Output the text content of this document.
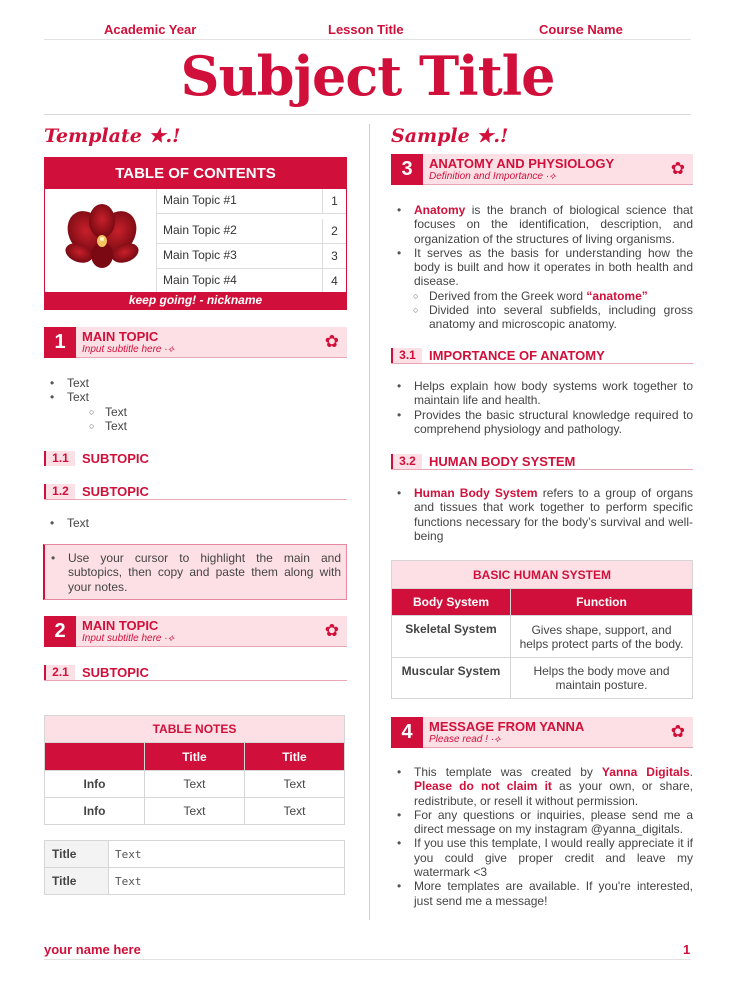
Academic Year	Lesson Title	Course Name
Subject Title
Template ★.!
TABLE OF CONTENTS
Main Topic #1	1
Main Topic #2	2
Main Topic #3	3
Main Topic #4	4
keep going! - nickname
1	MAIN TOPIC
Input subtitle here ·⟡	✿
• Text
• Text
○ Text
○ Text
1.1	SUBTOPIC
1.2	SUBTOPIC
• Text
• Use your cursor to highlight the main and subtopics, then copy and paste them along with your notes.
2	MAIN TOPIC
Input subtitle here ·⟡	✿
2.1	SUBTOPIC
TABLE NOTES		
	Title	Title
Info	Text	Text
Info	Text	Text
Title	Text
Title	Text
Sample ★.!
3	ANATOMY AND PHYSIOLOGY
Definition and Importance ·⟡	✿
• Anatomy is the branch of biological science that focuses on the identification, description, and organization of the structures of living organisms.
• It serves as the basis for understanding how the body is built and how it operates in both health and disease.
○ Derived from the Greek word “anatome”
○ Divided into several subfields, including gross anatomy and microscopic anatomy.
3.1	IMPORTANCE OF ANATOMY
• Helps explain how body systems work together to maintain life and health.
• Provides the basic structural knowledge required to comprehend physiology and pathology.
3.2	HUMAN BODY SYSTEM
• Human Body System refers to a group of organs and tissues that work together to perform specific functions necessary for the body’s survival and well-being
BASIC HUMAN SYSTEM	
Body System	Function
Skeletal System	Gives shape, support, and helps protect parts of the body.
Muscular System	Helps the body move and maintain posture.
4	MESSAGE FROM YANNA
Please read ! ·⟡	✿
• This template was created by Yanna Digitals. Please do not claim it as your own, or share, redistribute, or resell it without permission.
• For any questions or inquiries, please send me a direct message on my instagram @yanna_digitals.
• If you use this template, I would really appreciate it if you could give proper credit and leave my watermark <3
• More templates are available. If you're interested, just send me a message!
your name here	1
